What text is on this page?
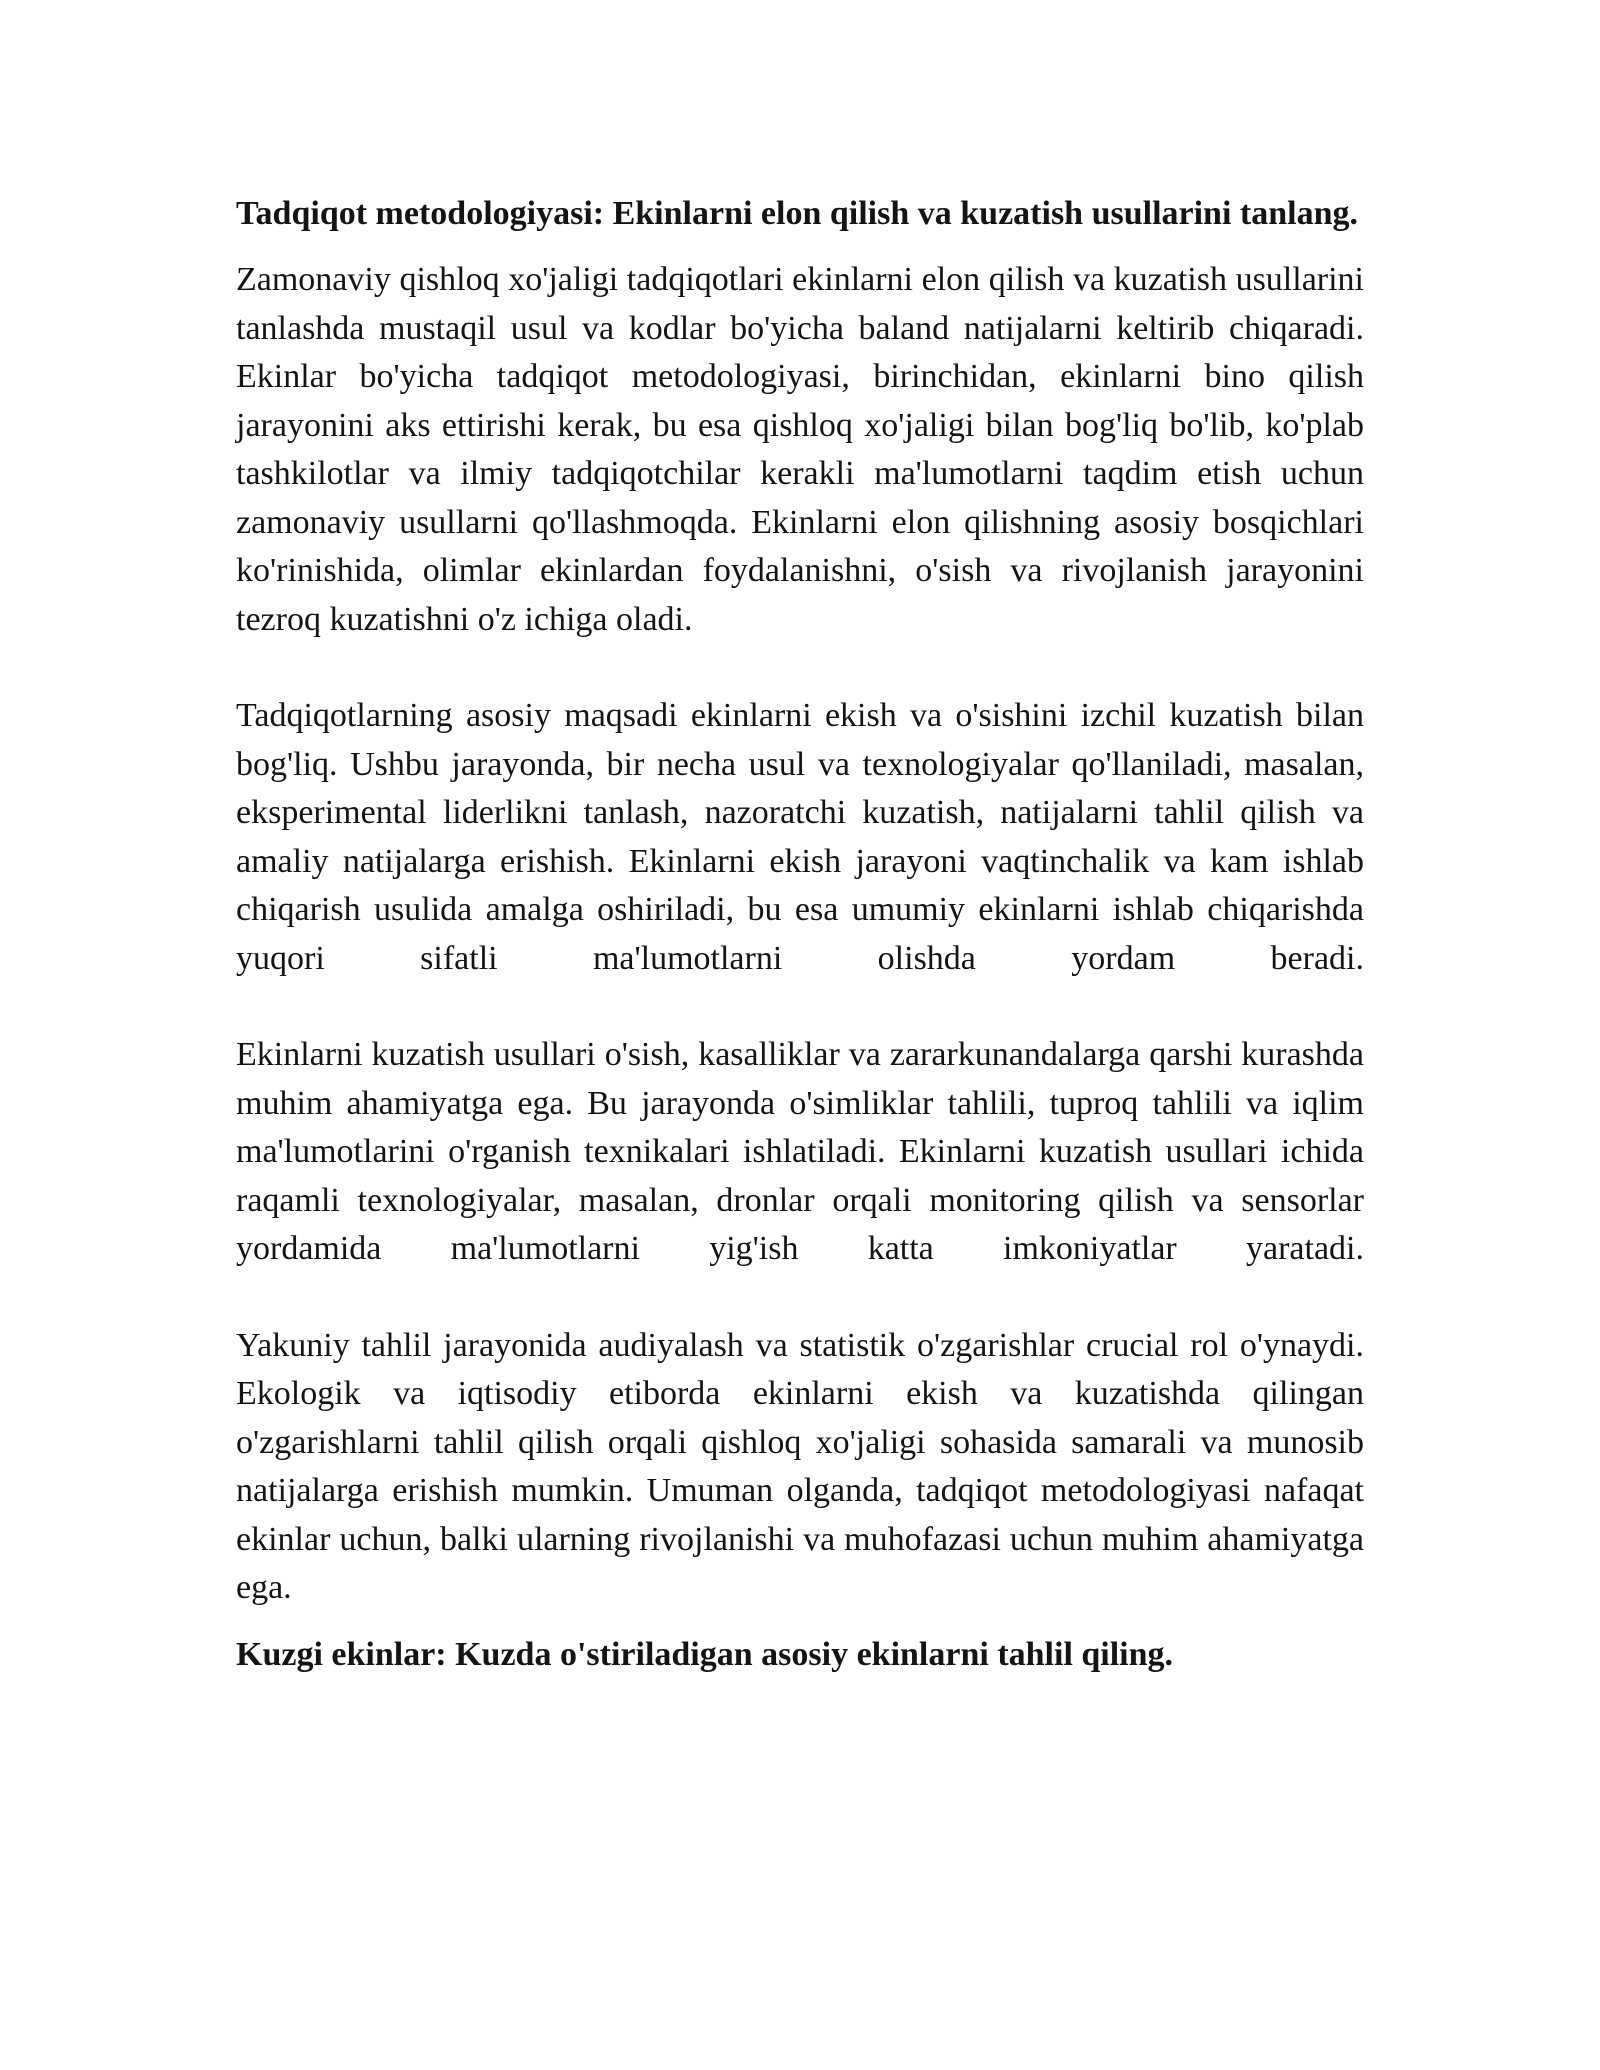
Tadqiqot metodologiyasi: Ekinlarni elon qilish va kuzatish usullarini tanlang.

Zamonaviy qishloq xo'jaligi tadqiqotlari ekinlarni elon qilish va kuzatish usullarini tanlashda mustaqil usul va kodlar bo'yicha baland natijalarni keltirib chiqaradi. Ekinlar bo'yicha tadqiqot metodologiyasi, birinchidan, ekinlarni bino qilish jarayonini aks ettirishi kerak, bu esa qishloq xo'jaligi bilan bog'liq bo'lib, ko'plab tashkilotlar va ilmiy tadqiqotchilar kerakli ma'lumotlarni taqdim etish uchun zamonaviy usullarni qo'llashmoqda. Ekinlarni elon qilishning asosiy bosqichlari ko'rinishida, olimlar ekinlardan foydalanishni, o'sish va rivojlanish jarayonini tezroq kuzatishni o'z ichiga oladi.

Tadqiqotlarning asosiy maqsadi ekinlarni ekish va o'sishini izchil kuzatish bilan bog'liq. Ushbu jarayonda, bir necha usul va texnologiyalar qo'llaniladi, masalan, eksperimental liderlikni tanlash, nazoratchi kuzatish, natijalarni tahlil qilish va amaliy natijalarga erishish. Ekinlarni ekish jarayoni vaqtinchalik va kam ishlab chiqarish usulida amalga oshiriladi, bu esa umumiy ekinlarni ishlab chiqarishda yuqori sifatli ma'lumotlarni olishda yordam beradi.

Ekinlarni kuzatish usullari o'sish, kasalliklar va zararkunandalarga qarshi kurashda muhim ahamiyatga ega. Bu jarayonda o'simliklar tahlili, tuproq tahlili va iqlim ma'lumotlarini o'rganish texnikalari ishlatiladi. Ekinlarni kuzatish usullari ichida raqamli texnologiyalar, masalan, dronlar orqali monitoring qilish va sensorlar yordamida ma'lumotlarni yig'ish katta imkoniyatlar yaratadi.

Yakuniy tahlil jarayonida audiyalash va statistik o'zgarishlar crucial rol o'ynaydi. Ekologik va iqtisodiy etiborda ekinlarni ekish va kuzatishda qilingan o'zgarishlarni tahlil qilish orqali qishloq xo'jaligi sohasida samarali va munosib natijalarga erishish mumkin. Umuman olganda, tadqiqot metodologiyasi nafaqat ekinlar uchun, balki ularning rivojlanishi va muhofazasi uchun muhim ahamiyatga ega.

Kuzgi ekinlar: Kuzda o'stiriladigan asosiy ekinlarni tahlil qiling.
